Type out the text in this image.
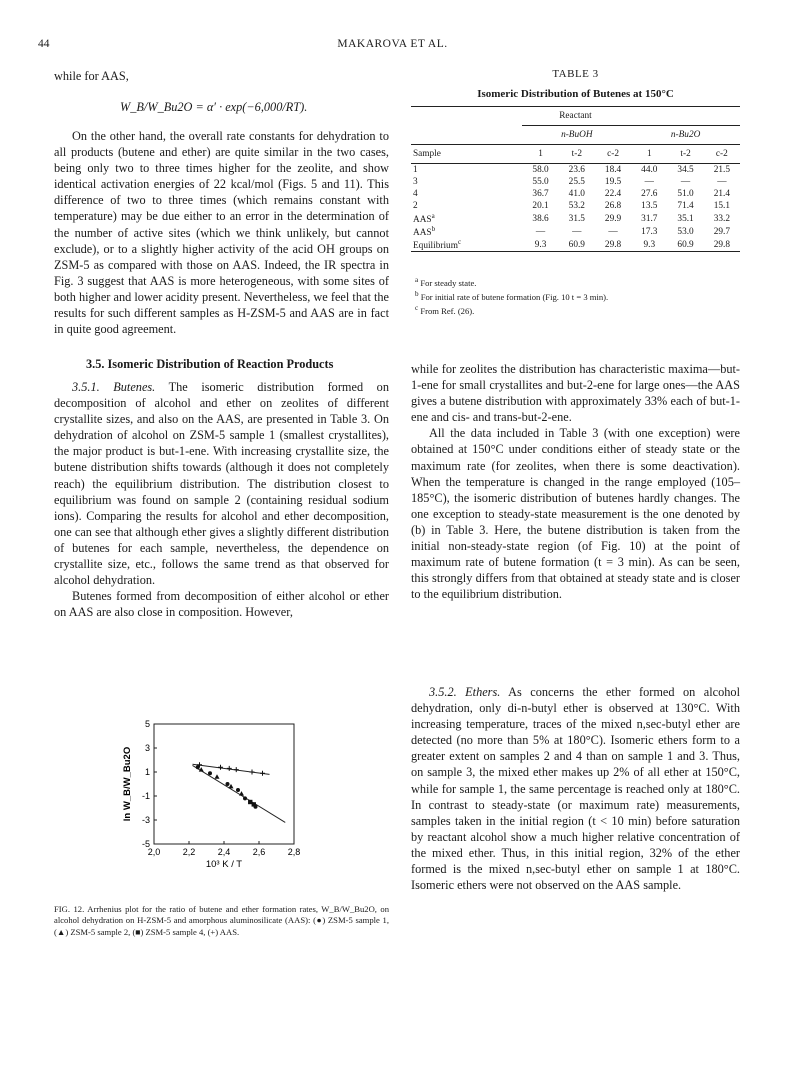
44	MAKAROVA ET AL.

while for AAS,

W_B/W_Bu2O = α′ · exp(−6,000/RT).

On the other hand, the overall rate constants for dehydration to all products (butene and ether) are quite similar in the two cases, being only two to three times higher for the zeolite, and show identical activation energies of 22 kcal/mol (Figs. 5 and 11). This difference of two to three times (which remains constant with temperature) may be due either to an error in the determination of the number of active sites (which we think unlikely, but cannot exclude), or to a slightly higher activity of the acid OH groups on ZSM-5 as compared with those on AAS. Indeed, the IR spectra in Fig. 3 suggest that AAS is more heterogeneous, with some sites of both higher and lower acidity present. Nevertheless, we feel that the results for such different samples as H-ZSM-5 and AAS are in fact in quite good agreement.

TABLE 3
Isomeric Distribution of Butenes at 150°C
Reactant						
	n-BuOH			n-Bu2O		
Sample	1	t-2	c-2	1	t-2	c-2
1	58.0	23.6	18.4	44.0	34.5	21.5
3	55.0	25.5	19.5	—	—	—
4	36.7	41.0	22.4	27.6	51.0	21.4
2	20.1	53.2	26.8	13.5	71.4	15.1
AAS$^a$	38.6	31.5	29.9	31.7	35.1	33.2
AAS$^b$	—	—	—	17.3	53.0	29.7
Equilibrium$^c$	9.3	60.9	29.8	9.3	60.9	29.8
$^a$ For steady state.
$^b$ For initial rate of butene formation (Fig. 10 t = 3 min).
$^c$ From Ref. (26).
3.5. Isomeric Distribution of Reaction Products

3.5.1. Butenes. The isomeric distribution formed on decomposition of alcohol and ether on zeolites of different crystallite sizes, and also on the AAS, are presented in Table 3. On dehydration of alcohol on ZSM-5 sample 1 (smallest crystallites), the major product is but-1-ene. With increasing crystallite size, the butene distribution shifts towards (although it does not completely reach) the equilibrium distribution. The distribution closest to equilibrium was found on sample 2 (containing residual sodium ions). Comparing the results for alcohol and ether decomposition, one can see that although ether gives a slightly different distribution of butenes for each sample, nevertheless, the dependence on crystallite size, etc., follows the same trend as that observed for alcohol dehydration.

Butenes formed from decomposition of either alcohol or ether on AAS are also close in composition. However,

while for zeolites the distribution has characteristic maxima—but-1-ene for small crystallites and but-2-ene for large ones—the AAS gives a butene distribution with approximately 33% each of but-1-ene and cis- and trans-but-2-ene.

All the data included in Table 3 (with one exception) were obtained at 150°C under conditions either of steady state or the maximum rate (for zeolites, when there is some deactivation). When the temperature is changed in the range employed (105–185°C), the isomeric distribution of butenes hardly changes. The one exception to steady-state measurement is the one denoted by (b) in Table 3. Here, the butene distribution is taken from the initial non-steady-state region (of Fig. 10) at the point of maximum rate of butene formation (t = 3 min). As can be seen, this strongly differs from that obtained at steady state and is closer to the equilibrium distribution.

3.5.2. Ethers. As concerns the ether formed on alcohol dehydration, only di-n-butyl ether is observed at 130°C. With increasing temperature, traces of the mixed n,sec-butyl ether are detected (no more than 5% at 180°C). Isomeric ethers form to a greater extent on samples 2 and 4 than on sample 1 and 3. Thus, on sample 3, the mixed ether makes up 2% of all ether at 150°C, while for sample 1, the same percentage is reached only at 180°C. In contrast to steady-state (or maximum rate) measurements, samples taken in the initial region (t < 10 min) before saturation by reactant alcohol show a much higher relative concentration of the mixed ether. Thus, in this initial region, 32% of the ether formed is the mixed n,sec-butyl ether on sample 1 at 180°C. Isomeric ethers were not observed on the AAS sample.

2,0 2,2 2,4 2,6 2,8
5
3
1
-1
-3
-5
10³ K / T
ln W_B/W_Bu2O
FIG. 12. Arrhenius plot for the ratio of butene and ether formation rates, W_B/W_Bu2O, on alcohol dehydration on H-ZSM-5 and amorphous aluminosilicate (AAS): (●) ZSM-5 sample 1, (▲) ZSM-5 sample 2, (■) ZSM-5 sample 4, (+) AAS.
